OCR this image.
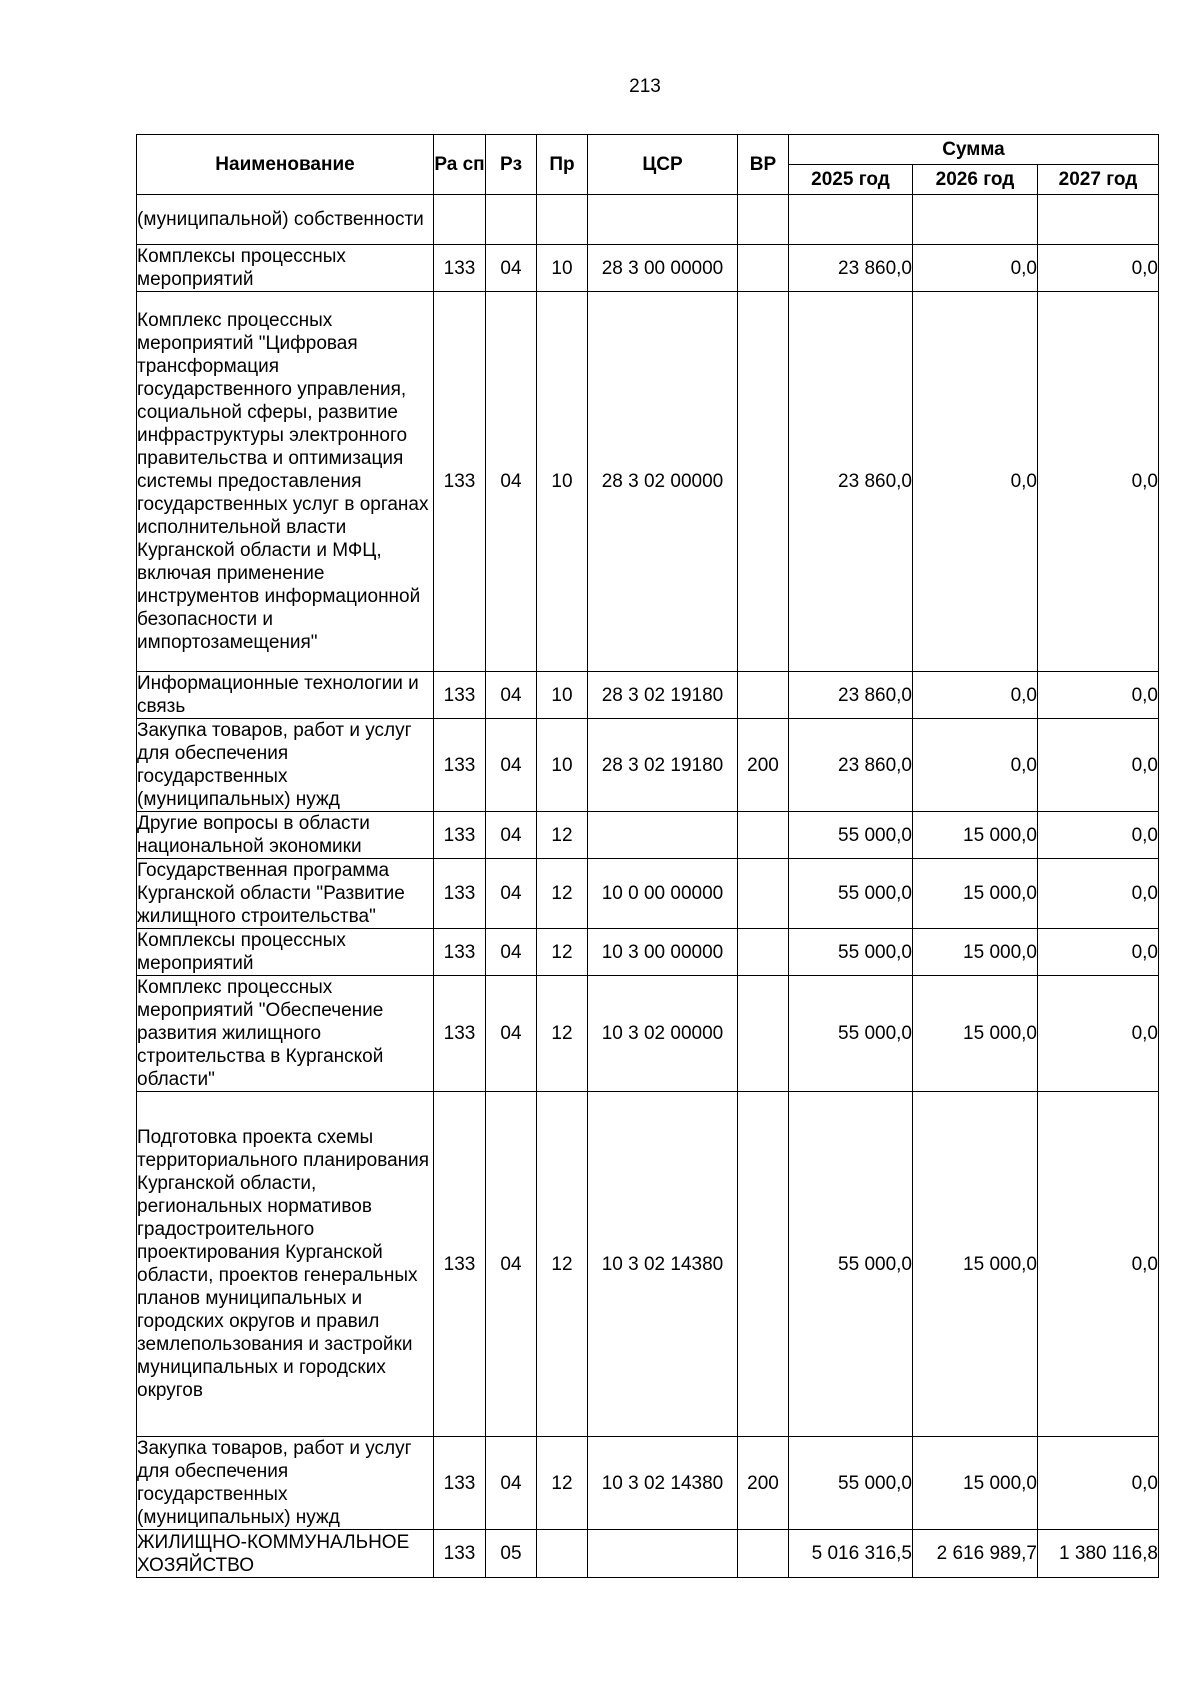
213
Наименование	Ра сп	Рз	Пр	ЦСР	ВР	Сумма		
						2025 год	2026 год	2027 год
(муниципальной) собственности								
Комплексы процессных мероприятий	133	04	10	28 3 00 00000		23 860,0	0,0	0,0
Комплекс процессных мероприятий "Цифровая трансформация государственного управления, социальной сферы, развитие инфраструктуры электронного правительства и оптимизация системы предоставления государственных услуг в органах исполнительной власти Курганской области и МФЦ, включая применение инструментов информационной безопасности и импортозамещения"	133	04	10	28 3 02 00000		23 860,0	0,0	0,0
Информационные технологии и связь	133	04	10	28 3 02 19180		23 860,0	0,0	0,0
Закупка товаров, работ и услуг для обеспечения государственных (муниципальных) нужд	133	04	10	28 3 02 19180	200	23 860,0	0,0	0,0
Другие вопросы в области национальной экономики	133	04	12			55 000,0	15 000,0	0,0
Государственная программа Курганской области "Развитие жилищного строительства"	133	04	12	10 0 00 00000		55 000,0	15 000,0	0,0
Комплексы процессных мероприятий	133	04	12	10 3 00 00000		55 000,0	15 000,0	0,0
Комплекс процессных мероприятий "Обеспечение развития жилищного строительства в Курганской области"	133	04	12	10 3 02 00000		55 000,0	15 000,0	0,0
Подготовка проекта схемы территориального планирования Курганской области, региональных нормативов градостроительного проектирования Курганской области, проектов генеральных планов муниципальных и городских округов и правил землепользования и застройки муниципальных и городских округов	133	04	12	10 3 02 14380		55 000,0	15 000,0	0,0
Закупка товаров, работ и услуг для обеспечения государственных (муниципальных) нужд	133	04	12	10 3 02 14380	200	55 000,0	15 000,0	0,0
ЖИЛИЩНО-КОММУНАЛЬНОЕ ХОЗЯЙСТВО	133	05				5 016 316,5	2 616 989,7	1 380 116,8
